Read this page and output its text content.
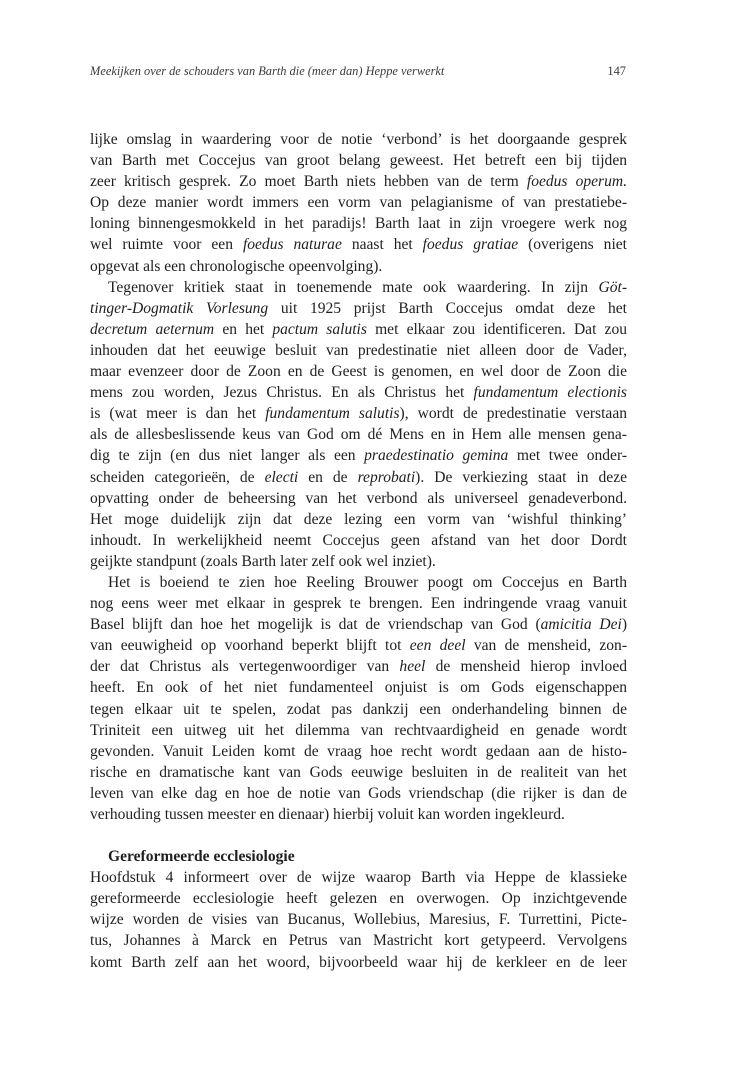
Meekijken over de schouders van Barth die (meer dan) Heppe verwerkt	147
lijke omslag in waardering voor de notie ‘verbond’ is het doorgaande gesprek
van Barth met Coccejus van groot belang geweest. Het betreft een bij tijden
zeer kritisch gesprek. Zo moet Barth niets hebben van de term foedus operum.
Op deze manier wordt immers een vorm van pelagianisme of van prestatiebe-
loning binnengesmokkeld in het paradijs! Barth laat in zijn vroegere werk nog
wel ruimte voor een foedus naturae naast het foedus gratiae (overigens niet
opgevat als een chronologische opeenvolging).
Tegenover kritiek staat in toenemende mate ook waardering. In zijn Göt-
tinger-Dogmatik Vorlesung uit 1925 prijst Barth Coccejus omdat deze het
decretum aeternum en het pactum salutis met elkaar zou identificeren. Dat zou
inhouden dat het eeuwige besluit van predestinatie niet alleen door de Vader,
maar evenzeer door de Zoon en de Geest is genomen, en wel door de Zoon die
mens zou worden, Jezus Christus. En als Christus het fundamentum electionis
is (wat meer is dan het fundamentum salutis), wordt de predestinatie verstaan
als de allesbeslissende keus van God om dé Mens en in Hem alle mensen gena-
dig te zijn (en dus niet langer als een praedestinatio gemina met twee onder-
scheiden categorieën, de electi en de reprobati). De verkiezing staat in deze
opvatting onder de beheersing van het verbond als universeel genadeverbond.
Het moge duidelijk zijn dat deze lezing een vorm van ‘wishful thinking’
inhoudt. In werkelijkheid neemt Coccejus geen afstand van het door Dordt
geijkte standpunt (zoals Barth later zelf ook wel inziet).
Het is boeiend te zien hoe Reeling Brouwer poogt om Coccejus en Barth
nog eens weer met elkaar in gesprek te brengen. Een indringende vraag vanuit
Basel blijft dan hoe het mogelijk is dat de vriendschap van God (amicitia Dei)
van eeuwigheid op voorhand beperkt blijft tot een deel van de mensheid, zon-
der dat Christus als vertegenwoordiger van heel de mensheid hierop invloed
heeft. En ook of het niet fundamenteel onjuist is om Gods eigenschappen
tegen elkaar uit te spelen, zodat pas dankzij een onderhandeling binnen de
Triniteit een uitweg uit het dilemma van rechtvaardigheid en genade wordt
gevonden. Vanuit Leiden komt de vraag hoe recht wordt gedaan aan de histo-
rische en dramatische kant van Gods eeuwige besluiten in de realiteit van het
leven van elke dag en hoe de notie van Gods vriendschap (die rijker is dan de
verhouding tussen meester en dienaar) hierbij voluit kan worden ingekleurd.
Gereformeerde ecclesiologie
Hoofdstuk 4 informeert over de wijze waarop Barth via Heppe de klassieke
gereformeerde ecclesiologie heeft gelezen en overwogen. Op inzichtgevende
wijze worden de visies van Bucanus, Wollebius, Maresius, F. Turrettini, Picte-
tus, Johannes à Marck en Petrus van Mastricht kort getypeerd. Vervolgens
komt Barth zelf aan het woord, bijvoorbeeld waar hij de kerkleer en de leer
